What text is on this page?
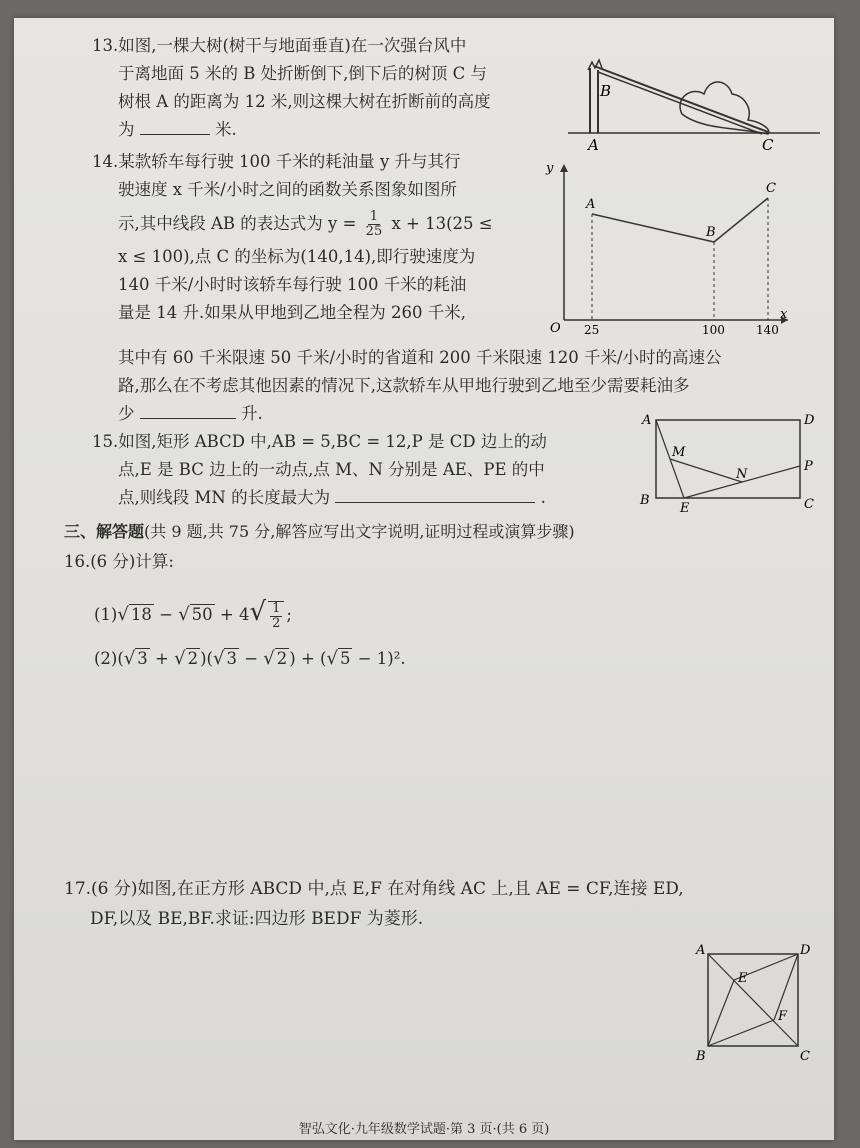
13.如图,一棵大树(树干与地面垂直)在一次强台风中
于离地面 5 米的 B 处折断倒下,倒下后的树顶 C 与
树根 A 的距离为 12 米,则这棵大树在折断前的高度
为	米.
B
A	C
14.某款轿车每行驶 100 千米的耗油量 y 升与其行
驶速度 x 千米/小时之间的函数关系图象如图所
示,其中线段 AB 的表达式为 $y = \frac{1}{25}$ x + 13(25 ≤
x ≤ 100),点 C 的坐标为(140,14),即行驶速度为
140 千米/小时时该轿车每行驶 100 千米的耗油
量是 14 升.如果从甲地到乙地全程为 260 千米,
其中有 60 千米限速 50 千米/小时的省道和 200 千米限速 120 千米/小时的高速公
路,那么在不考虑其他因素的情况下,这款轿车从甲地行驶到乙地至少需要耗油多
少	升.
y
x
O
A
B
C
25	100	140
15.如图,矩形 ABCD 中,AB = 5,BC = 12,P 是 CD 边上的动
点,E 是 BC 边上的一动点,点 M、N 分别是 AE、PE 的中
点,则线段 MN 的长度最大为	.
A	D
B	C
E
M
N
P
三、解答题(共 9 题,共 75 分,解答应写出文字说明,证明过程或演算步骤)
16.(6 分)计算:
(1)√ 18 − √ $50 + 4√ \frac{1}{2}$ ;
(2)(√ 3 + √ 2 )(√ 3 − √ 2 ) + (√ 5 − 1)².
17.(6 分)如图,在正方形 ABCD 中,点 E,F 在对角线 AC 上,且 AE = CF,连接 ED,
DF,以及 BE,BF.求证:四边形 BEDF 为菱形.
A	D
B	C
E
F
智弘文化·九年级数学试题·第 3 页·(共 6 页)
